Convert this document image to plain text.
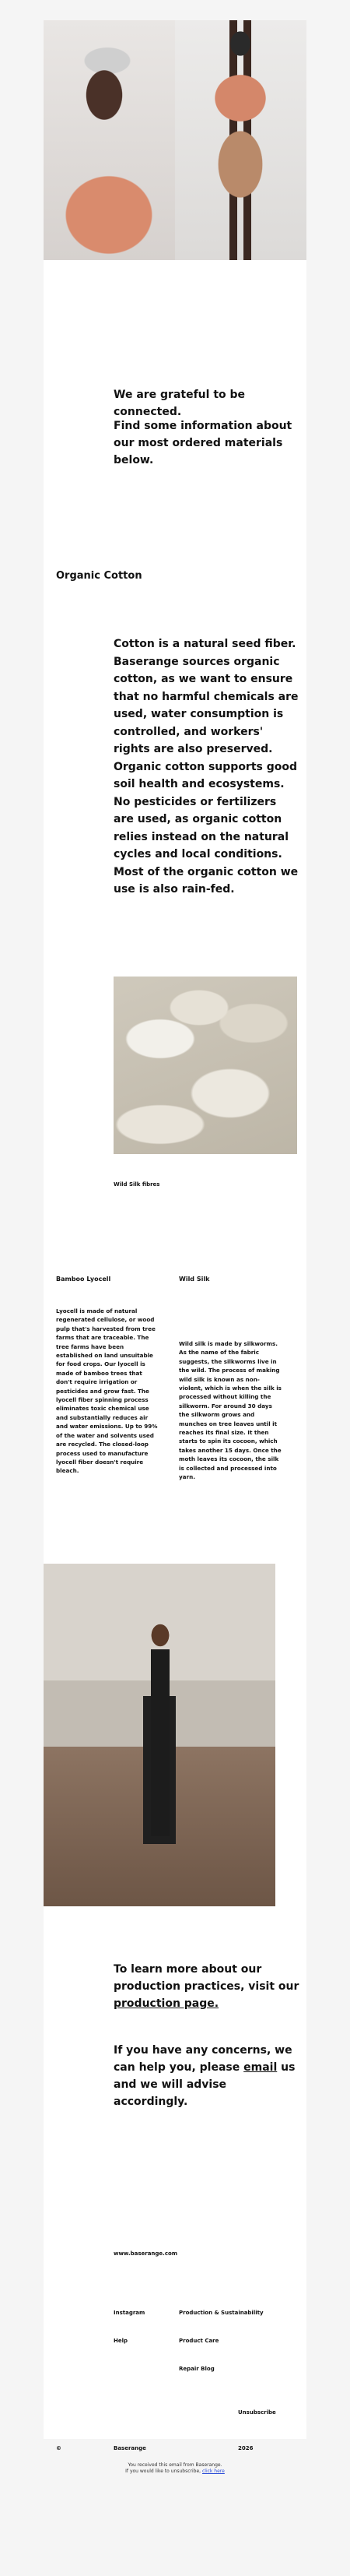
We are grateful to be connected.

Find some information about our most ordered materials below.

Organic Cotton

Cotton is a natural seed fiber. Baserange sources organic cotton, as we want to ensure that no harmful chemicals are used, water consumption is controlled, and workers' rights are also preserved. Organic cotton supports good soil health and ecosystems. No pesticides or fertilizers are used, as organic cotton relies instead on the natural cycles and local conditions. Most of the organic cotton we use is also rain-fed.

Wild Silk fibres

Bamboo Lyocell	Wild Silk

Lyocell is made of natural regenerated cellulose, or wood pulp that's harvested from tree farms that are traceable. The tree farms have been established on land unsuitable for food crops. Our lyocell is made of bamboo trees that don't require irrigation or pesticides and grow fast. The lyocell fiber spinning process eliminates toxic chemical use and substantially reduces air and water emissions. Up to 99% of the water and solvents used are recycled. The closed-loop process used to manufacture lyocell fiber doesn't require bleach.

Wild silk is made by silkworms. As the name of the fabric suggests, the silkworms live in the wild. The process of making wild silk is known as non-violent, which is when the silk is processed without killing the silkworm. For around 30 days the silkworm grows and munches on tree leaves until it reaches its final size. It then starts to spin its cocoon, which takes another 15 days. Once the moth leaves its cocoon, the silk is collected and processed into yarn.

To learn more about our production practices, visit our production page.

If you have any concerns, we can help you, please email us and we will advise accordingly.

www.baserange.com
Instagram	Production & Sustainability
Help	Product Care
Repair Blog
Unsubscribe
©	Baserange	2026

You received this email from Baserange.
If you would like to unsubscribe, click here
